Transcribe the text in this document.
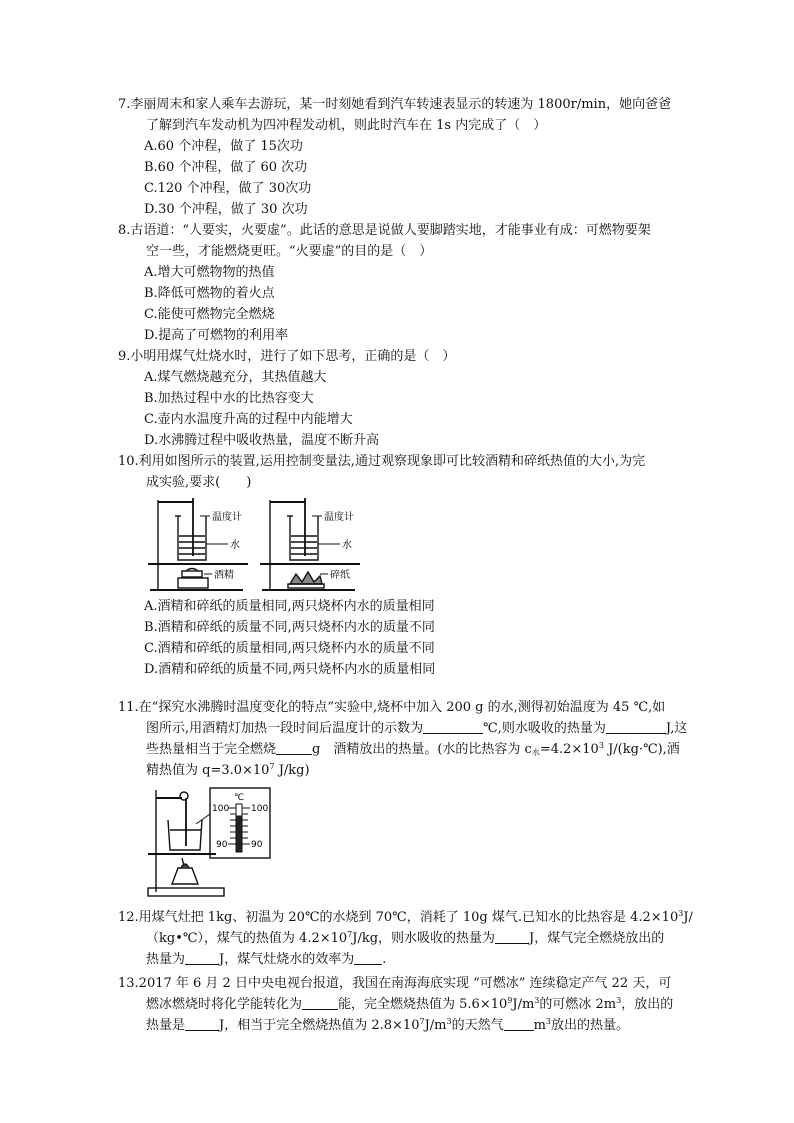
7.李丽周末和家人乘车去游玩，某一时刻她看到汽车转速表显示的转速为 1800r/min，她向爸爸
了解到汽车发动机为四冲程发动机，则此时汽车在 1s 内完成了（　）
A.60 个冲程，做了 15次功
B.60 个冲程，做了 60 次功
C.120 个冲程，做了 30次功
D.30 个冲程，做了 30 次功
8.古语道：“人要实，火要虚”。此话的意思是说做人要脚踏实地，才能事业有成：可燃物要架
空一些，才能燃烧更旺。“火要虚”的目的是（　）
A.增大可燃物物的热值
B.降低可燃物的着火点
C.能使可燃物完全燃烧
D.提高了可燃物的利用率
9.小明用煤气灶烧水时，进行了如下思考，正确的是（　）
A.煤气燃烧越充分，其热值越大
B.加热过程中水的比热容变大
C.壶内水温度升高的过程中内能增大
D.水沸腾过程中吸收热量，温度不断升高
10.利用如图所示的装置,运用控制变量法,通过观察现象即可比较酒精和碎纸热值的大小,为完
成实验,要求(　　)
温度计
水
酒精
温度计
水
碎纸
A.酒精和碎纸的质量相同,两只烧杯内水的质量相同
B.酒精和碎纸的质量不同,两只烧杯内水的质量不同
C.酒精和碎纸的质量相同,两只烧杯内水的质量不同
D.酒精和碎纸的质量不同,两只烧杯内水的质量相同
11.在“探究水沸腾时温度变化的特点”实验中,烧杯中加入 200 g 的水,测得初始温度为 45 ℃,如
图所示,用酒精灯加热一段时间后温度计的示数为	℃,则水吸收的热量为	J,这
些热量相当于完全燃烧	g　酒精放出的热量。(水的比热容为 $c_水=4.2\times 10^3$ J/(kg·℃),酒
精热值为 $q=3.0\times 10^7$ J/kg)
℃
100 100
90	90
12.用煤气灶把 1kg、初温为 20℃的水烧到 70℃，消耗了 10g 煤气.已知水的比热容是 $4.2\times 10^3J/$
（kg•℃），煤气的热值为 $4.2\times 10^7J/kg$，则水吸收的热量为	J，煤气完全燃烧放出的
热量为	J，煤气灶烧水的效率为 .
13.2017 年 6 月 2 日中央电视台报道，我国在南海海底实现 “可燃冰” 连续稳定产气 22 天，可
燃冰燃烧时将化学能转化为	能，完全燃烧热值为 $5.6\times 10^9J/m^3$的可燃冰 $2m^3$，放出的
热量是	J，相当于完全燃烧热值为 $2.8\times 10^7J/m^3$的天然气 $m^3$放出的热量。
